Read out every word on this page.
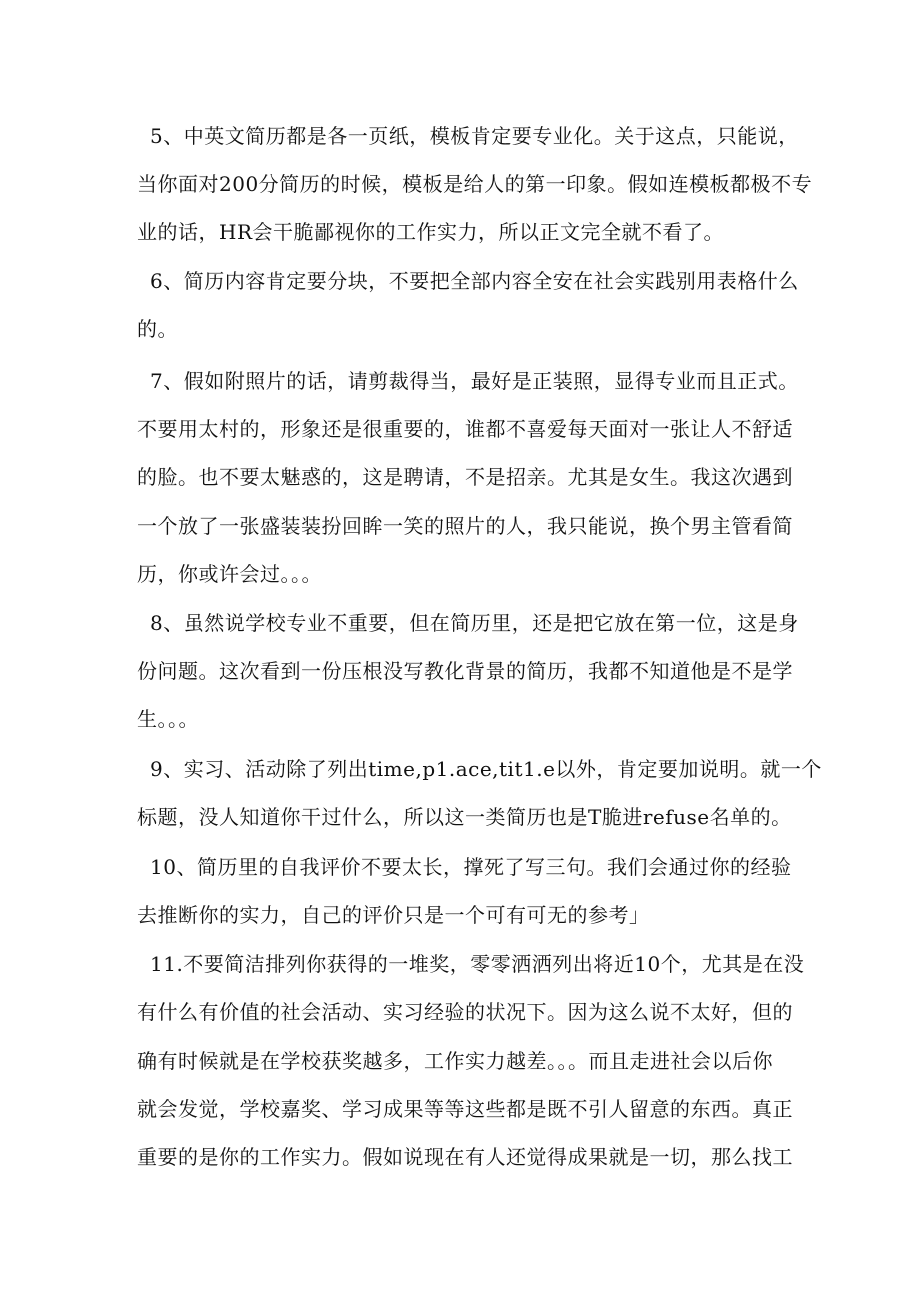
5、中英文简历都是各一页纸，模板肯定要专业化。关于这点，只能说，
当你面对200分简历的时候，模板是给人的第一印象。假如连模板都极不专
业的话，HR会干脆鄙视你的工作实力，所以正文完全就不看了。
6、简历内容肯定要分块，不要把全部内容全安在社会实践别用表格什么
的。
7、假如附照片的话，请剪裁得当，最好是正装照，显得专业而且正式。
不要用太村的，形象还是很重要的，谁都不喜爱每天面对一张让人不舒适
的脸。也不要太魅惑的，这是聘请，不是招亲。尤其是女生。我这次遇到
一个放了一张盛装装扮回眸一笑的照片的人，我只能说，换个男主管看简
历，你或许会过。。。
8、虽然说学校专业不重要，但在简历里，还是把它放在第一位，这是身
份问题。这次看到一份压根没写教化背景的简历，我都不知道他是不是学
生。。。
9、实习、活动除了列出time,p1.ace,tit1.e以外，肯定要加说明。就一个
标题，没人知道你干过什么，所以这一类简历也是T脆进refuse名单的。
10、简历里的自我评价不要太长，撑死了写三句。我们会通过你的经验
去推断你的实力，自己的评价只是一个可有可无的参考」
11.不要简洁排列你获得的一堆奖，零零洒洒列出将近10个，尤其是在没
有什么有价值的社会活动、实习经验的状况下。因为这么说不太好，但的
确有时候就是在学校获奖越多，工作实力越差。。。而且走进社会以后你
就会发觉，学校嘉奖、学习成果等等这些都是既不引人留意的东西。真正
重要的是你的工作实力。假如说现在有人还觉得成果就是一切，那么找工
